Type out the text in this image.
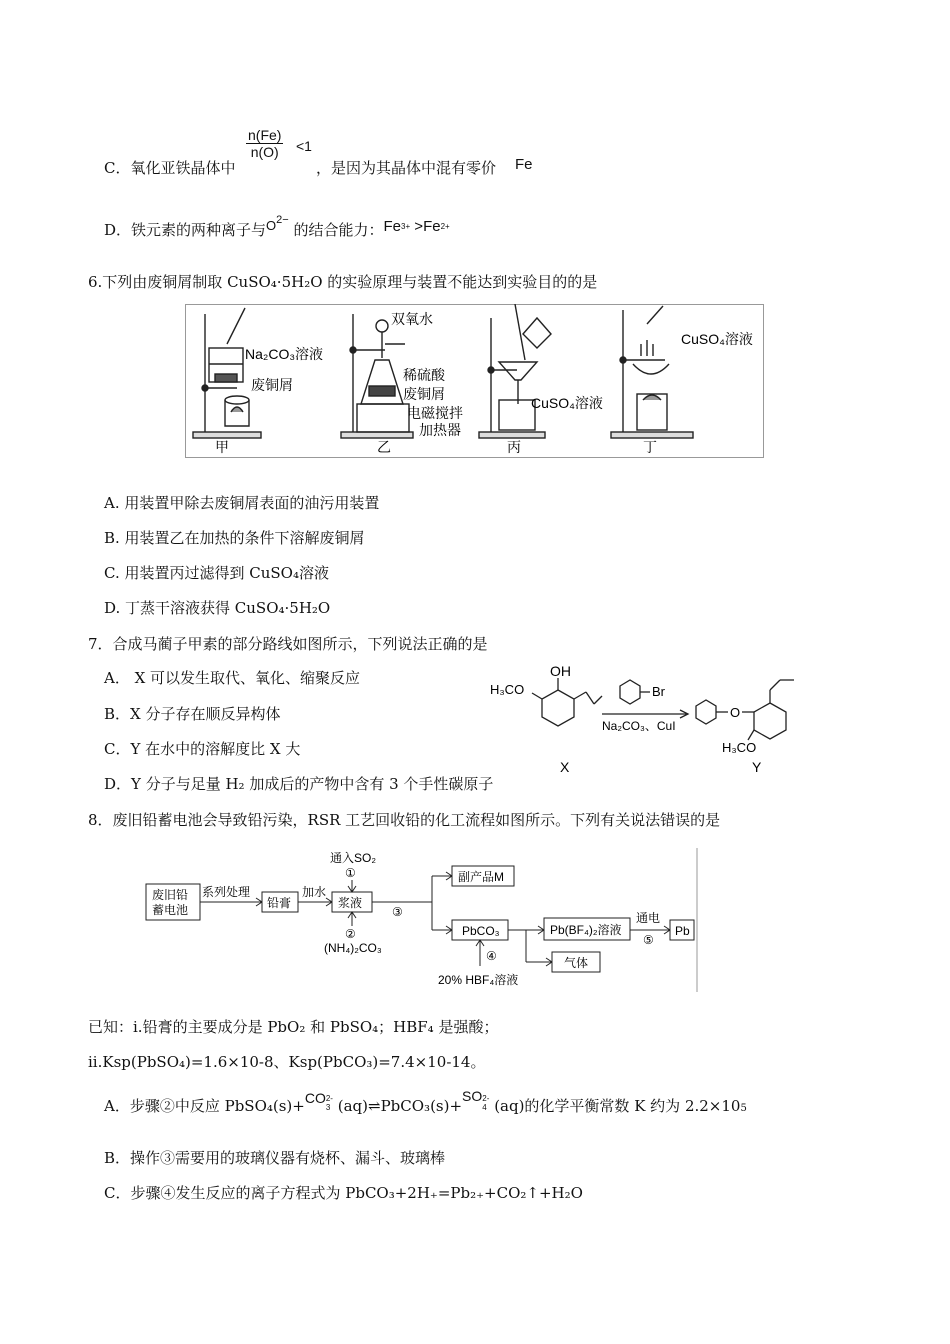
C．氧化亚铁晶体中
$\frac{n(Fe)}{n(O)} <1$
，是因为其晶体中混有零价 Fe
D．铁元素的两种离子与$O^{2-}$ 的结合能力：$Fe^{3+} >Fe^{2+}$
6.下列由废铜屑制取 CuSO₄·5H₂O 的实验原理与装置不能达到实验目的的是
Na₂CO₃溶液
废铜屑
甲
双氧水
稀硫酸
废铜屑
电磁搅拌
加热器
乙
CuSO₄溶液
丙
CuSO₄溶液
丁
A. 用装置甲除去废铜屑表面的油污用装置
B. 用装置乙在加热的条件下溶解废铜屑
C. 用装置丙过滤得到 CuSO₄溶液
D. 丁蒸干溶液获得 CuSO₄·5H₂O
7．合成马蔺子甲素的部分路线如图所示，下列说法正确的是
A． X 可以发生取代、氧化、缩聚反应
B．X 分子存在顺反异构体
C．Y 在水中的溶解度比 X 大
D．Y 分子与足量 H₂ 加成后的产物中含有 3 个手性碳原子
OH
H₃CO
X
Br
Na₂CO₃、CuI
O
H₃CO
Y
8．废旧铅蓄电池会导致铅污染，RSR 工艺回收铅的化工流程如图所示。下列有关说法错误的是
废旧铅
蓄电池
系列处理
铅膏
加水
浆液
通入SO₂
①
②
(NH₄)₂CO₃
③
副产品M
PbCO₃	Pb(BF₄)₂溶液
通电
⑤
Pb
气体
④
20% HBF₄溶液
已知：i.铅膏的主要成分是 PbO₂ 和 PbSO₄；HBF₄ 是强酸；
ii.Ksp(PbSO₄)=1.6×10-8、Ksp(PbCO₃)=7.4×10-14。
A．步骤②中反应 PbSO₄(s)+CO 2-
3 (aq)⇌PbCO₃(s)+SO 2-
4 (aq)的化学平衡常数 K 约为 2.2×105
B．操作③需要用的玻璃仪器有烧杯、漏斗、玻璃棒
C．步骤④发生反应的离子方程式为 PbCO₃+2H₊=Pb₂₊+CO₂↑+H₂O
